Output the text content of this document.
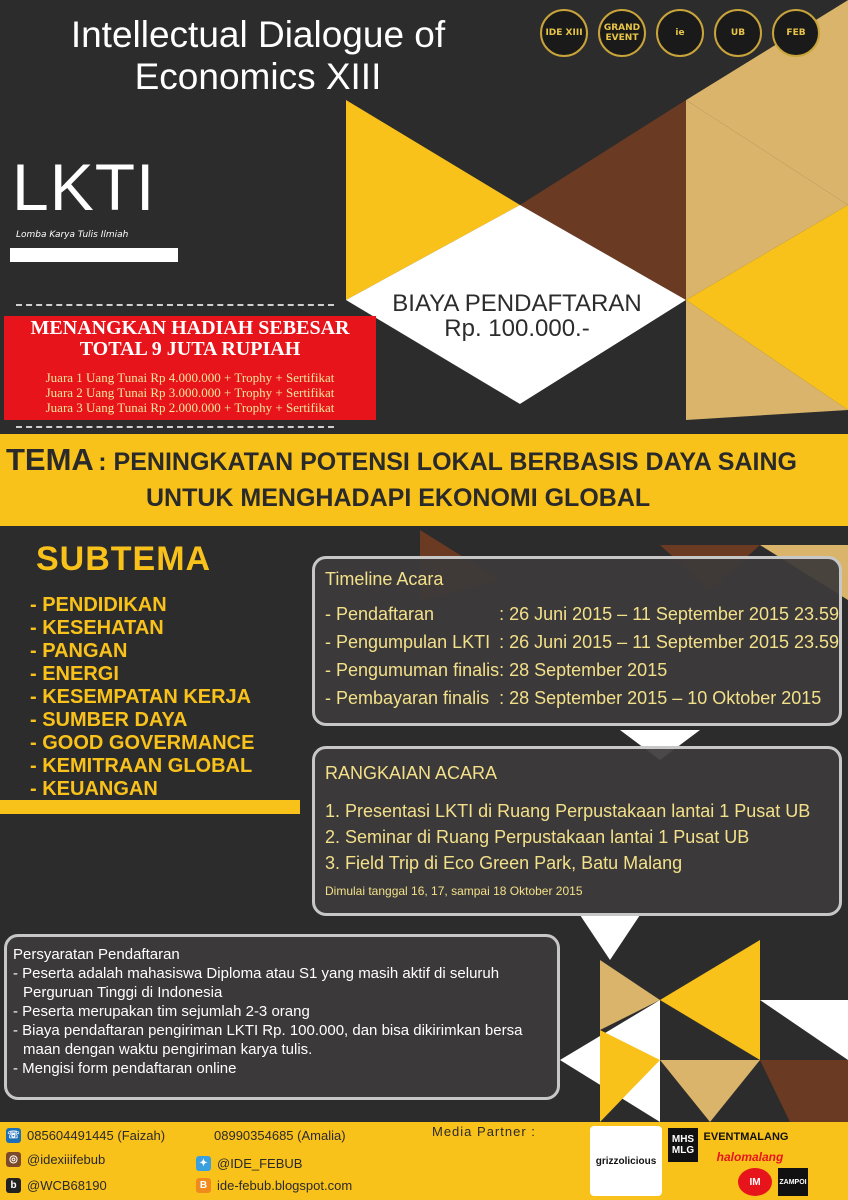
Intellectual Dialogue of
Economics XIII
IDE XIII	GRAND EVENT	ie	UB	FEB
LKTI
Lomba Karya Tulis Ilmiah
MENANGKAN HADIAH SEBESAR
TOTAL 9 JUTA RUPIAH
Juara 1 Uang Tunai Rp 4.000.000 + Trophy + Sertifikat
Juara 2 Uang Tunai Rp 3.000.000 + Trophy + Sertifikat
Juara 3 Uang Tunai Rp 2.000.000 + Trophy + Sertifikat
BIAYA PENDAFTARAN
Rp. 100.000.-
TEMA : PENINGKATAN POTENSI LOKAL BERBASIS DAYA SAING
UNTUK MENGHADAPI EKONOMI GLOBAL
SUBTEMA
- PENDIDIKAN
- KESEHATAN
- PANGAN
- ENERGI
- KESEMPATAN KERJA
- SUMBER DAYA
- GOOD GOVERMANCE
- KEMITRAAN GLOBAL
- KEUANGAN
Timeline Acara
- Pendaftaran	: 26 Juni 2015 – 11 September 2015 23.59
- Pengumpulan LKTI	: 26 Juni 2015 – 11 September 2015 23.59
- Pengumuman finalis	: 28 September 2015
- Pembayaran finalis	: 28 September 2015 – 10 Oktober 2015
RANGKAIAN ACARA
1. Presentasi LKTI di Ruang Perpustakaan lantai 1 Pusat UB
2. Seminar di Ruang Perpustakaan lantai 1 Pusat UB
3. Field Trip di Eco Green Park, Batu Malang
Dimulai tanggal 16, 17, sampai 18 Oktober 2015
Persyaratan Pendaftaran
- Peserta adalah mahasiswa Diploma atau S1 yang masih aktif di seluruh
Perguruan Tinggi di Indonesia
- Peserta merupakan tim sejumlah 2-3 orang
- Biaya pendaftaran pengiriman LKTI Rp. 100.000, dan bisa dikirimkan bersa
maan dengan waktu pengiriman karya tulis.
- Mengisi form pendaftaran online
☏ 085604491445 (Faizah)	08990354685 (Amalia)
◎ @idexiiifebub	✦ @IDE_FEBUB
b @WCB68190	B ide-febub.blogspot.com
Media Partner :
grizzolicious
MHS MLG
EVENTMALANG
halomalang
IM	ZAMPOI
